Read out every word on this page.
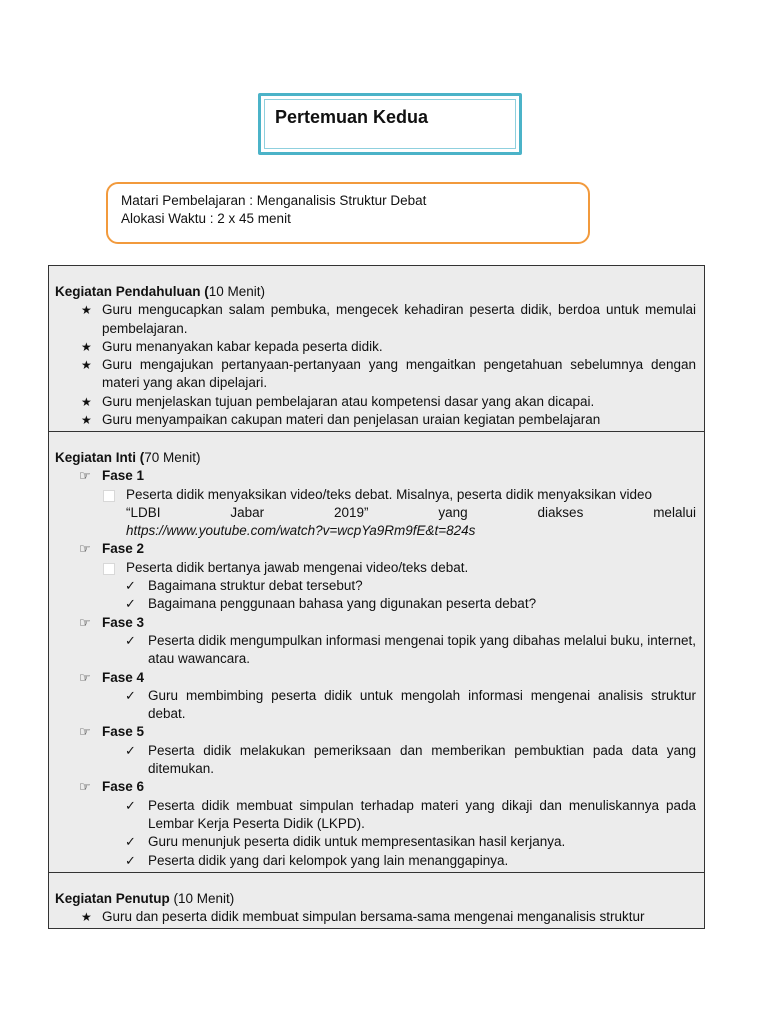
Pertemuan Kedua
Matari Pembelajaran : Menganalisis Struktur Debat
Alokasi Waktu : 2 x 45 menit
Kegiatan Pendahuluan (10 Menit)
★ Guru mengucapkan salam pembuka, mengecek kehadiran peserta didik, berdoa untuk memulai pembelajaran.
★ Guru menanyakan kabar kepada peserta didik.
★ Guru mengajukan pertanyaan-pertanyaan yang mengaitkan pengetahuan sebelumnya dengan materi yang akan dipelajari.
★ Guru menjelaskan tujuan pembelajaran atau kompetensi dasar yang akan dicapai.
★ Guru menyampaikan cakupan materi dan penjelasan uraian kegiatan pembelajaran
Kegiatan Inti (70 Menit)
☞ Fase 1
Peserta didik menyaksikan video/teks debat. Misalnya, peserta didik menyaksikan video
“LDBI	Jabar	2019”	yang	diakses	melalui
https://www.youtube.com/watch?v=wcpYa9Rm9fE&t=824s
☞ Fase 2
Peserta didik bertanya jawab mengenai video/teks debat.
✓ Bagaimana struktur debat tersebut?
✓ Bagaimana penggunaan bahasa yang digunakan peserta debat?
☞ Fase 3
✓ Peserta didik mengumpulkan informasi mengenai topik yang dibahas melalui buku, internet, atau wawancara.
☞ Fase 4
✓ Guru membimbing peserta didik untuk mengolah informasi mengenai analisis struktur debat.
☞ Fase 5
✓ Peserta didik melakukan pemeriksaan dan memberikan pembuktian pada data yang ditemukan.
☞ Fase 6
✓ Peserta didik membuat simpulan terhadap materi yang dikaji dan menuliskannya pada Lembar Kerja Peserta Didik (LKPD).
✓ Guru menunjuk peserta didik untuk mempresentasikan hasil kerjanya.
✓ Peserta didik yang dari kelompok yang lain menanggapinya.
Kegiatan Penutup (10 Menit)
★ Guru dan peserta didik membuat simpulan bersama-sama mengenai menganalisis struktur
